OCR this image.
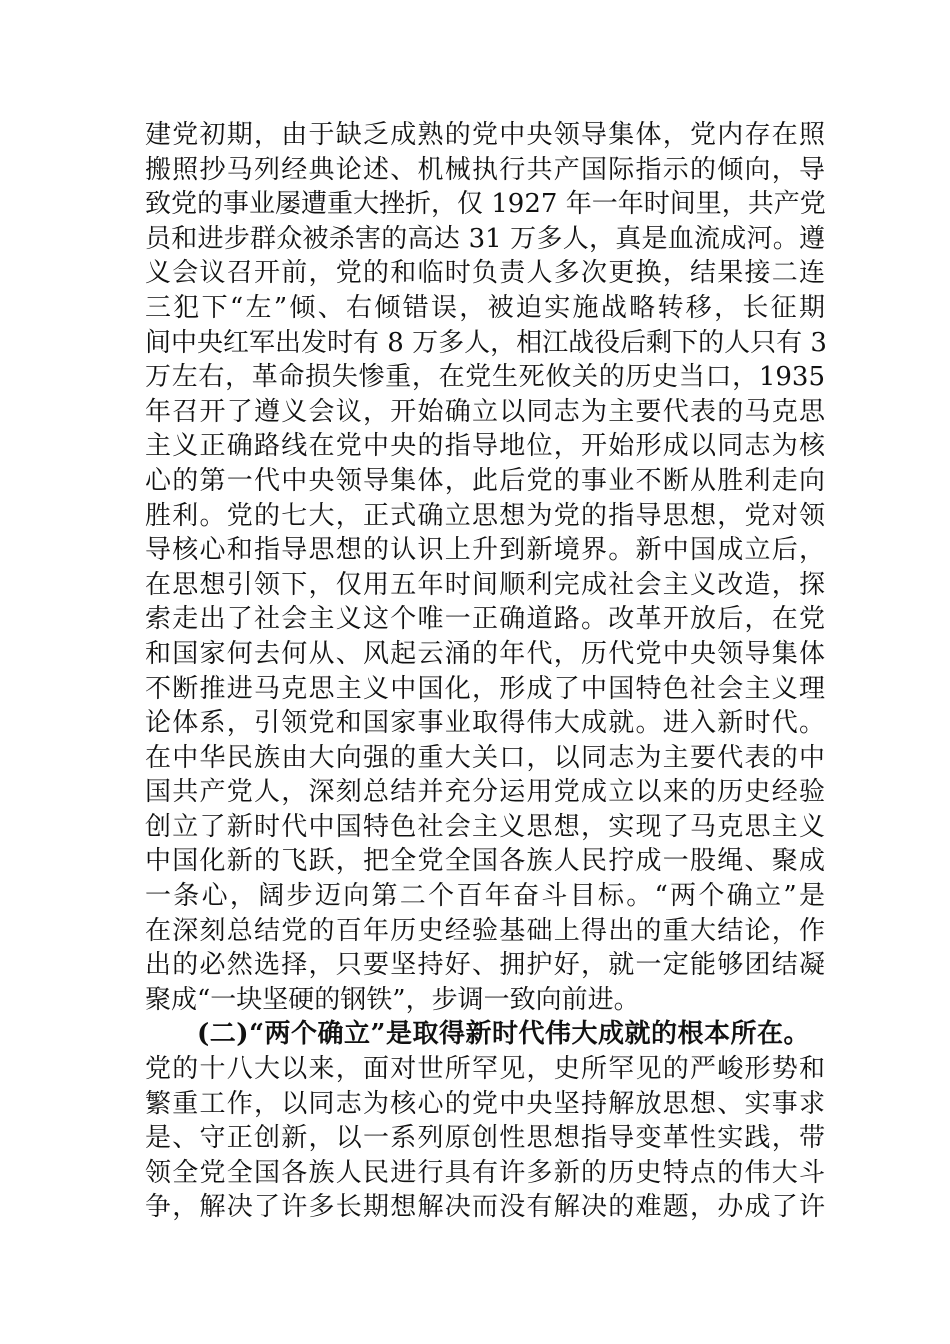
建党初期，由于缺乏成熟的党中央领导集体，党内存在照
搬照抄马列经典论述、机械执行共产国际指示的倾向，导
致党的事业屡遭重大挫折，仅 1927 年一年时间里，共产党
员和进步群众被杀害的高达 31 万多人，真是血流成河。遵
义会议召开前，党的和临时负责人多次更换，结果接二连
三犯下“左”倾、右倾错误，被迫实施战略转移，长征期
间中央红军出发时有 8 万多人，相江战役后剩下的人只有 3
万左右，革命损失惨重，在党生死攸关的历史当口，1935
年召开了遵义会议，开始确立以同志为主要代表的马克思
主义正确路线在党中央的指导地位，开始形成以同志为核
心的第一代中央领导集体，此后党的事业不断从胜利走向
胜利。党的七大，正式确立思想为党的指导思想，党对领
导核心和指导思想的认识上升到新境界。新中国成立后，
在思想引领下，仅用五年时间顺利完成社会主义改造，探
索走出了社会主义这个唯一正确道路。改革开放后，在党
和国家何去何从、风起云涌的年代，历代党中央领导集体
不断推进马克思主义中国化，形成了中国特色社会主义理
论体系，引领党和国家事业取得伟大成就。进入新时代。
在中华民族由大向强的重大关口，以同志为主要代表的中
国共产党人，深刻总结并充分运用党成立以来的历史经验
创立了新时代中国特色社会主义思想，实现了马克思主义
中国化新的飞跃，把全党全国各族人民拧成一股绳、聚成
一条心，阔步迈向第二个百年奋斗目标。“两个确立”是
在深刻总结党的百年历史经验基础上得出的重大结论，作
出的必然选择，只要坚持好、拥护好，就一定能够团结凝
聚成“一块坚硬的钢铁”，步调一致向前进。
(二)“两个确立”是取得新时代伟大成就的根本所在。
党的十八大以来，面对世所罕见，史所罕见的严峻形势和
繁重工作，以同志为核心的党中央坚持解放思想、实事求
是、守正创新，以一系列原创性思想指导变革性实践，带
领全党全国各族人民进行具有许多新的历史特点的伟大斗
争，解决了许多长期想解决而没有解决的难题，办成了许
